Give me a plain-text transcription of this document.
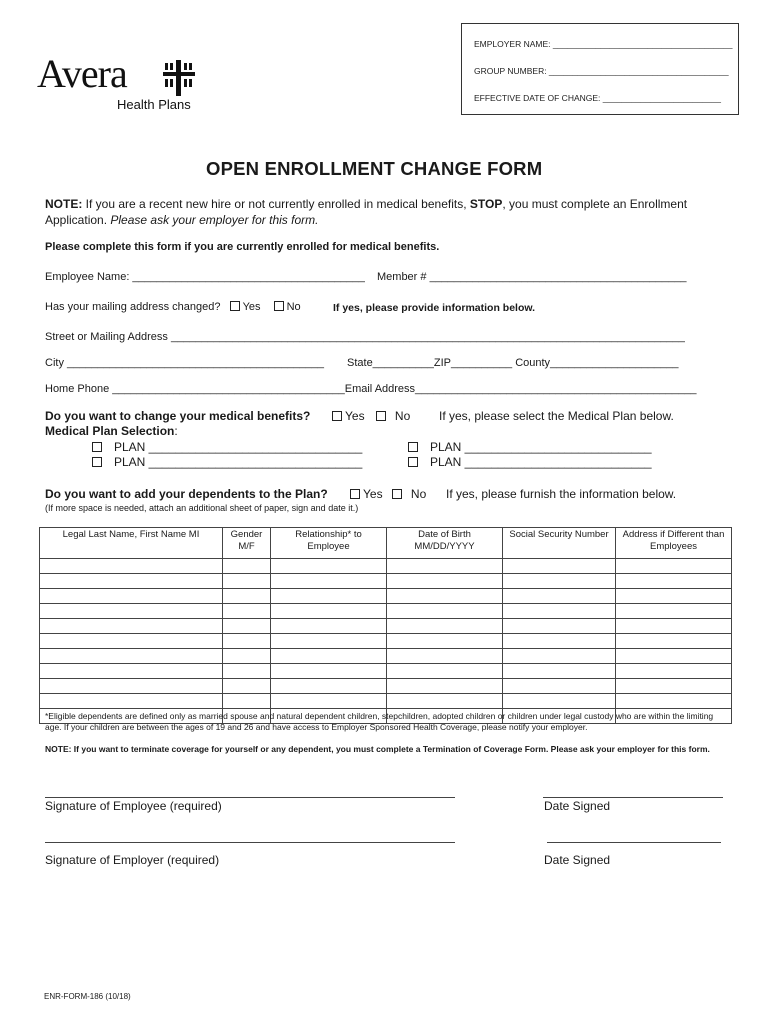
Avera
Health Plans
EMPLOYER NAME: ______________________________________
GROUP NUMBER: ______________________________________
EFFECTIVE DATE OF CHANGE: _________________________
OPEN ENROLLMENT CHANGE FORM
NOTE: If you are a recent new hire or not currently enrolled in medical benefits, STOP, you must complete an Enrollment
Application. Please ask your employer for this form.
Please complete this form if you are currently enrolled for medical benefits.
Employee Name: ______________________________________ Member # __________________________________________
Has your mailing address changed? Yes No	If yes, please provide information below.
Street or Mailing Address ____________________________________________________________________________________
City __________________________________________ State__________ZIP__________ County_____________________
Home Phone ______________________________________Email Address______________________________________________
Do you want to change your medical benefits?	Yes	No If yes, please select the Medical Plan below.
Medical Plan Selection:
PLAN ________________________________
PLAN ________________________________
PLAN ____________________________
PLAN ____________________________
Do you want to add your dependents to the Plan?	Yes No If yes, please furnish the information below.
(If more space is needed, attach an additional sheet of paper, sign and date it.)
Legal Last Name, First Name MI	Gender M/F	Relationship* to Employee	Date of Birth MM/DD/YYYY	Social Security Number	Address if Different than Employees

*Eligible dependents are defined only as married spouse and natural dependent children, stepchildren, adopted children or children under legal custody who are within the limiting age. If your children are between the ages of 19 and 26 and have access to Employer Sponsored Health Coverage, please notify your employer.
NOTE: If you want to terminate coverage for yourself or any dependent, you must complete a Termination of Coverage Form. Please ask your employer for this form.
Signature of Employee (required)	Date Signed
Signature of Employer (required)	Date Signed
ENR-FORM-186 (10/18)
